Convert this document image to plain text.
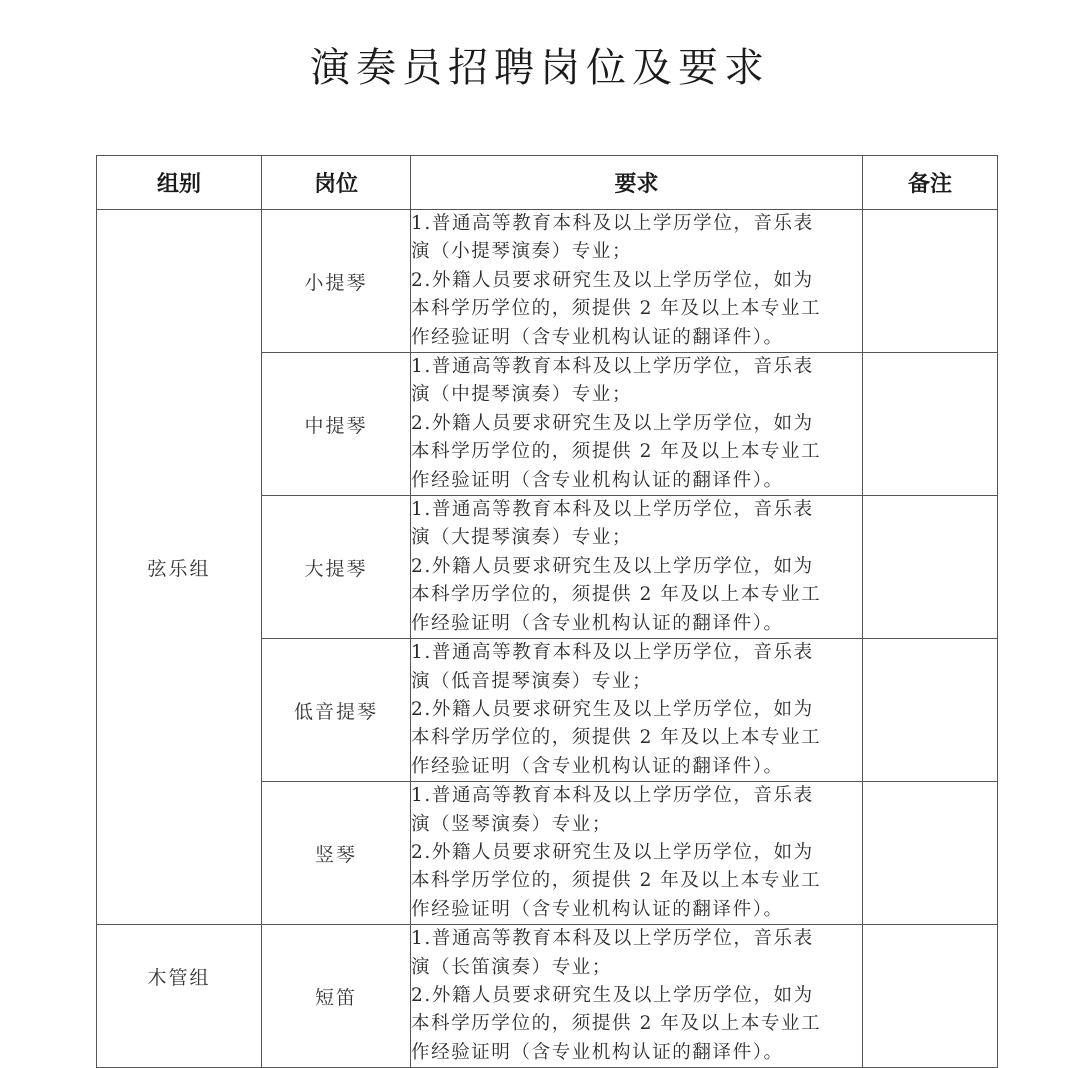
演奏员招聘岗位及要求
组别	岗位	要求	备注
弦乐组	小提琴	1.普通高等教育本科及以上学历学位，音乐表
演（小提琴演奏）专业；
2.外籍人员要求研究生及以上学历学位，如为
本科学历学位的，须提供 2 年及以上本专业工
作经验证明（含专业机构认证的翻译件）。	

	中提琴	1.普通高等教育本科及以上学历学位，音乐表
演（中提琴演奏）专业；
2.外籍人员要求研究生及以上学历学位，如为
本科学历学位的，须提供 2 年及以上本专业工
作经验证明（含专业机构认证的翻译件）。	

	大提琴	1.普通高等教育本科及以上学历学位，音乐表
演（大提琴演奏）专业；
2.外籍人员要求研究生及以上学历学位，如为
本科学历学位的，须提供 2 年及以上本专业工
作经验证明（含专业机构认证的翻译件）。	

	低音提琴	1.普通高等教育本科及以上学历学位，音乐表
演（低音提琴演奏）专业；
2.外籍人员要求研究生及以上学历学位，如为
本科学历学位的，须提供 2 年及以上本专业工
作经验证明（含专业机构认证的翻译件）。	

	竖琴	1.普通高等教育本科及以上学历学位，音乐表
演（竖琴演奏）专业；
2.外籍人员要求研究生及以上学历学位，如为
本科学历学位的，须提供 2 年及以上本专业工
作经验证明（含专业机构认证的翻译件）。	

木管组	短笛	1.普通高等教育本科及以上学历学位，音乐表
演（长笛演奏）专业；
2.外籍人员要求研究生及以上学历学位，如为
本科学历学位的，须提供 2 年及以上本专业工
作经验证明（含专业机构认证的翻译件）。	
